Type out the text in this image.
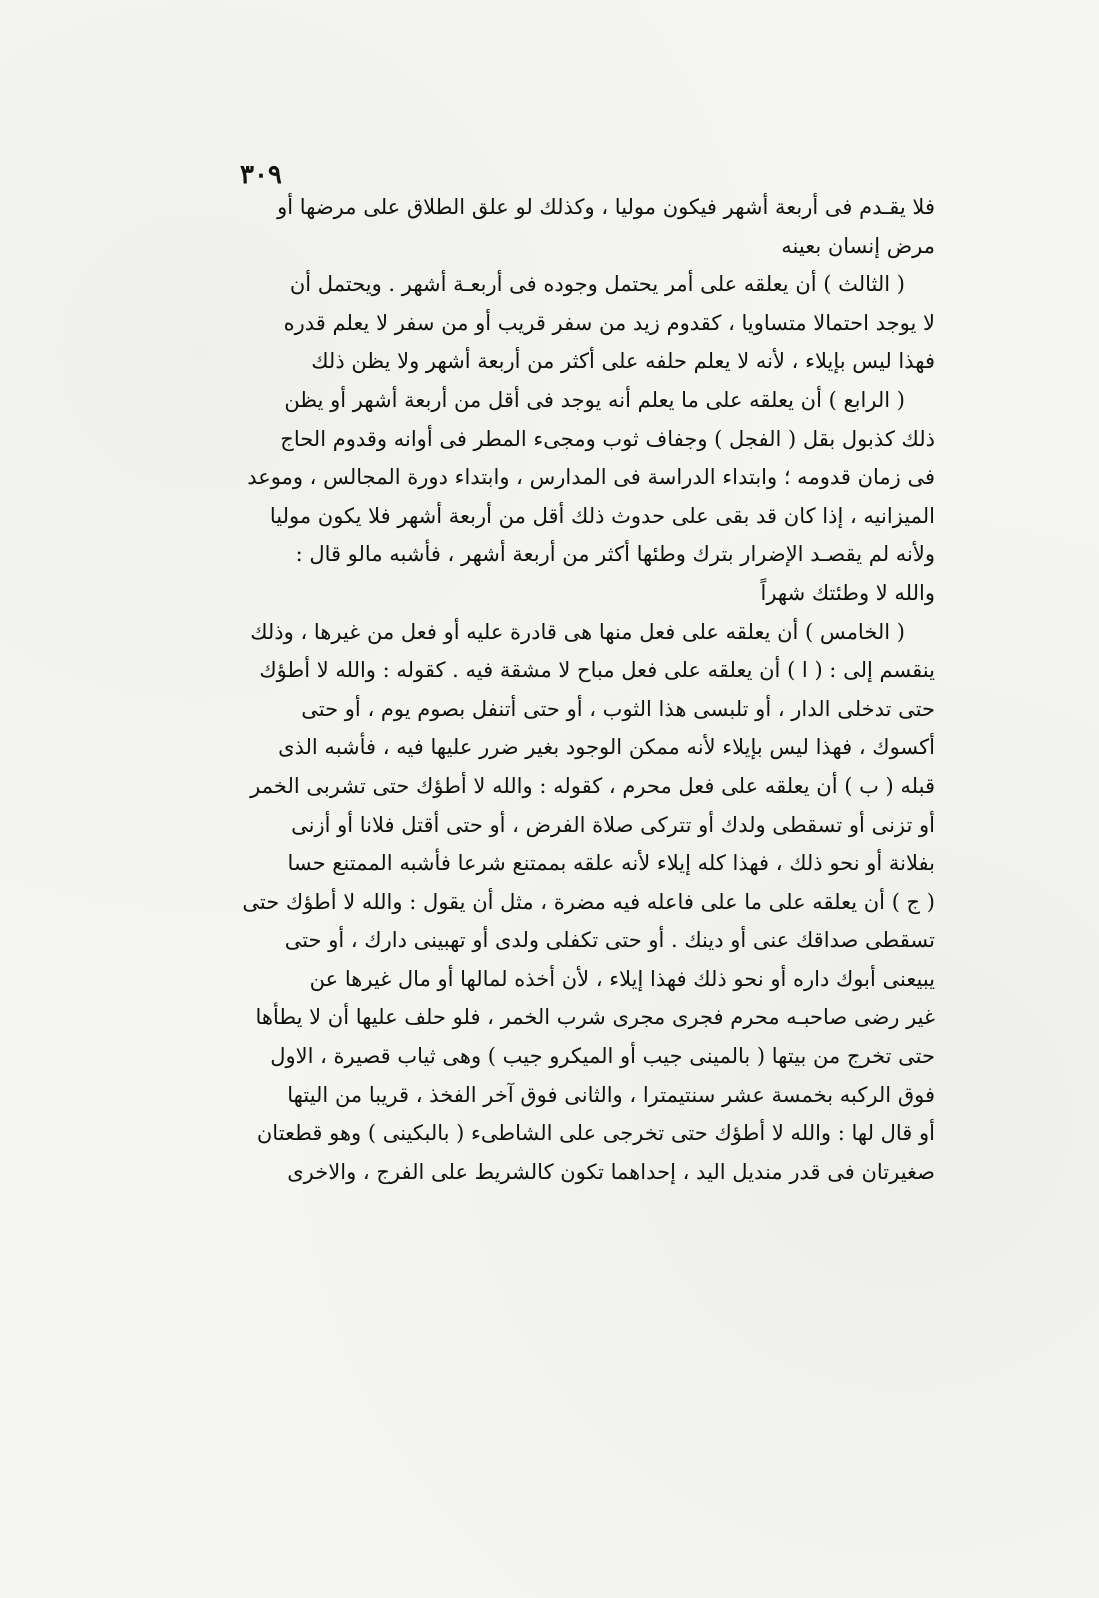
٣٠٩
فلا يقـدم فى أربعة أشهر فيكون موليا ، وكذلك لو علق الطلاق على مرضها أو
مرض إنسان بعينه
( الثالث ) أن يعلقه على أمر يحتمل وجوده فى أربعـة أشهر . ويحتمل أن
لا يوجد احتمالا متساويا ، كقدوم زيد من سفر قريب أو من سفر لا يعلم قدره
فهذا ليس بإيلاء ، لأنه لا يعلم حلفه على أكثر من أربعة أشهر ولا يظن ذلك
( الرابع ) أن يعلقه على ما يعلم أنه يوجد فى أقل من أربعة أشهر أو يظن
ذلك كذبول بقل ( الفجل ) وجفاف ثوب ومجىء المطر فى أوانه وقدوم الحاج
فى زمان قدومه ؛ وابتداء الدراسة فى المدارس ، وابتداء دورة المجالس ، وموعد
الميزانيه ، إذا كان قد بقى على حدوث ذلك أقل من أربعة أشهر فلا يكون موليا
ولأنه لم يقصـد الإضرار بترك وطئها أكثر من أربعة أشهر ، فأشبه مالو قال :
والله لا وطئتك شهراً
( الخامس ) أن يعلقه على فعل منها هى قادرة عليه أو فعل من غيرها ، وذلك
ينقسم إلى : ( ا ) أن يعلقه على فعل مباح لا مشقة فيه . كقوله : والله لا أطؤك
حتى تدخلى الدار ، أو تلبسى هذا الثوب ، أو حتى أتنفل بصوم يوم ، أو حتى
أكسوك ، فهذا ليس بإيلاء لأنه ممكن الوجود بغير ضرر عليها فيه ، فأشبه الذى
قبله ( ب ) أن يعلقه على فعل محرم ، كقوله : والله لا أطؤك حتى تشربى الخمر
أو تزنى أو تسقطى ولدك أو تتركى صلاة الفرض ، أو حتى أقتل فلانا أو أزنى
بفلانة أو نحو ذلك ، فهذا كله إيلاء لأنه علقه بممتنع شرعا فأشبه الممتنع حسا
( ج ) أن يعلقه على ما على فاعله فيه مضرة ، مثل أن يقول : والله لا أطؤك حتى
تسقطى صداقك عنى أو دينك . أو حتى تكفلى ولدى أو تهبينى دارك ، أو حتى
يبيعنى أبوك داره أو نحو ذلك فهذا إيلاء ، لأن أخذه لمالها أو مال غيرها عن
غير رضى صاحبـه محرم فجرى مجرى شرب الخمر ، فلو حلف عليها أن لا يطأها
حتى تخرج من بيتها ( بالمينى جيب أو الميكرو جيب ) وهى ثياب قصيرة ، الاول
فوق الركبه بخمسة عشر سنتيمترا ، والثانى فوق آخر الفخذ ، قريبا من اليتها
أو قال لها : والله لا أطؤك حتى تخرجى على الشاطىء ( بالبكينى ) وهو قطعتان
صغيرتان فى قدر منديل اليد ، إحداهما تكون كالشريط على الفرج ، والاخرى
